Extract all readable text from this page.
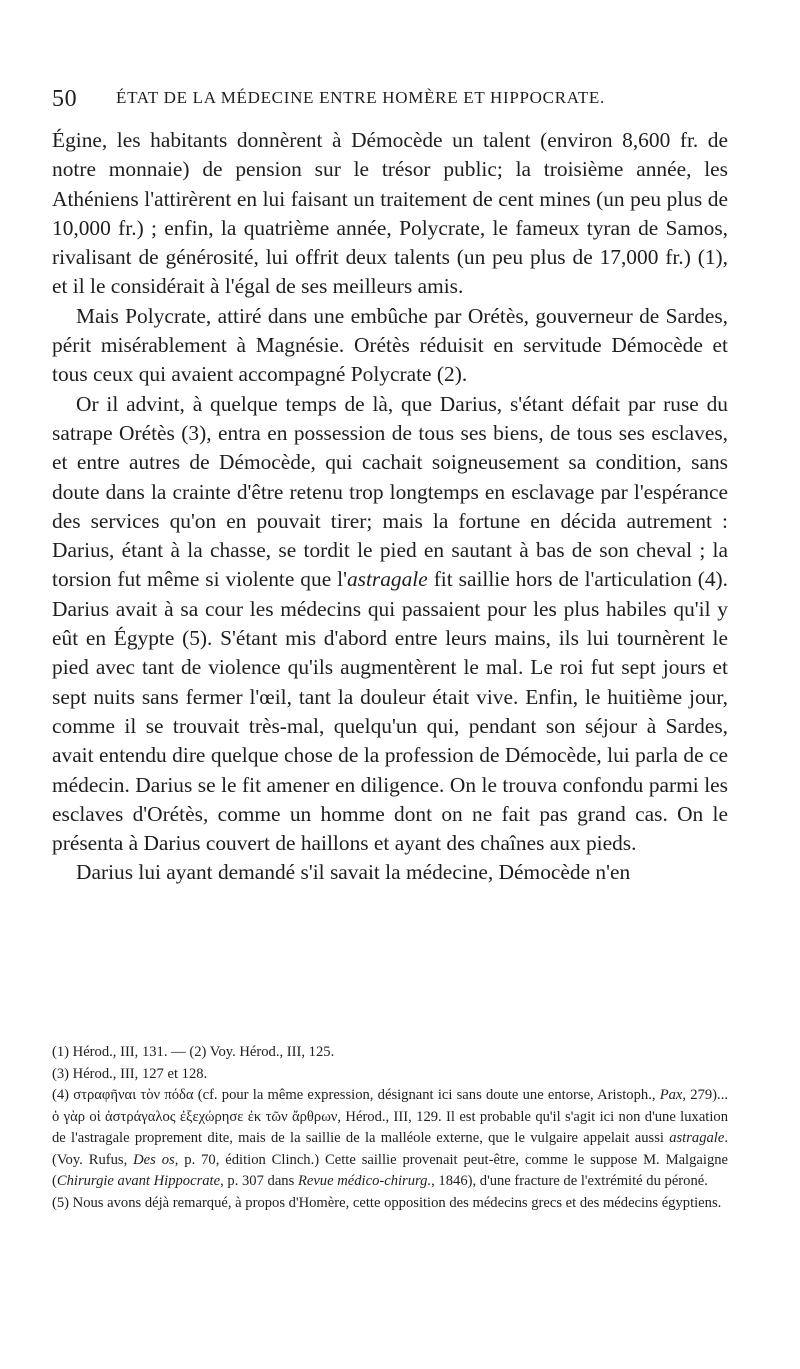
50 ÉTAT DE LA MÉDECINE ENTRE HOMÈRE ET HIPPOCRATE.

Égine, les habitants donnèrent à Démocède un talent (environ 8,600 fr. de notre monnaie) de pension sur le trésor public; la troisième année, les Athéniens l'attirèrent en lui faisant un traitement de cent mines (un peu plus de 10,000 fr.) ; enfin, la quatrième année, Polycrate, le fameux tyran de Samos, rivalisant de générosité, lui offrit deux talents (un peu plus de 17,000 fr.) (1), et il le considérait à l'égal de ses meilleurs amis.

Mais Polycrate, attiré dans une embûche par Orétès, gouverneur de Sardes, périt misérablement à Magnésie. Orétès réduisit en servitude Démocède et tous ceux qui avaient accompagné Polycrate (2).

Or il advint, à quelque temps de là, que Darius, s'étant défait par ruse du satrape Orétès (3), entra en possession de tous ses biens, de tous ses esclaves, et entre autres de Démocède, qui cachait soigneusement sa condition, sans doute dans la crainte d'être retenu trop longtemps en esclavage par l'espérance des services qu'on en pouvait tirer; mais la fortune en décida autrement : Darius, étant à la chasse, se tordit le pied en sautant à bas de son cheval ; la torsion fut même si violente que l'astragale fit saillie hors de l'articulation (4). Darius avait à sa cour les médecins qui passaient pour les plus habiles qu'il y eût en Égypte (5). S'étant mis d'abord entre leurs mains, ils lui tournèrent le pied avec tant de violence qu'ils augmentèrent le mal. Le roi fut sept jours et sept nuits sans fermer l'œil, tant la douleur était vive. Enfin, le huitième jour, comme il se trouvait très-mal, quelqu'un qui, pendant son séjour à Sardes, avait entendu dire quelque chose de la profession de Démocède, lui parla de ce médecin. Darius se le fit amener en diligence. On le trouva confondu parmi les esclaves d'Orétès, comme un homme dont on ne fait pas grand cas. On le présenta à Darius couvert de haillons et ayant des chaînes aux pieds.

Darius lui ayant demandé s'il savait la médecine, Démocède n'en

(1) Hérod., III, 131. — (2) Voy. Hérod., III, 125.

(3) Hérod., III, 127 et 128.

(4) στραφῆναι τὸν πόδα (cf. pour la même expression, désignant ici sans doute une entorse, Aristoph., Pax, 279)... ὁ γὰρ οἱ ἀστράγαλος ἐξεχώρησε ἐκ τῶν ἄρθρων, Hérod., III, 129. Il est probable qu'il s'agit ici non d'une luxation de l'astragale proprement dite, mais de la saillie de la malléole externe, que le vulgaire appelait aussi astragale. (Voy. Rufus, Des os, p. 70, édition Clinch.) Cette saillie provenait peut-être, comme le suppose M. Malgaigne (Chirurgie avant Hippocrate, p. 307 dans Revue médico-chirurg., 1846), d'une fracture de l'extrémité du péroné.

(5) Nous avons déjà remarqué, à propos d'Homère, cette opposition des médecins grecs et des médecins égyptiens.
